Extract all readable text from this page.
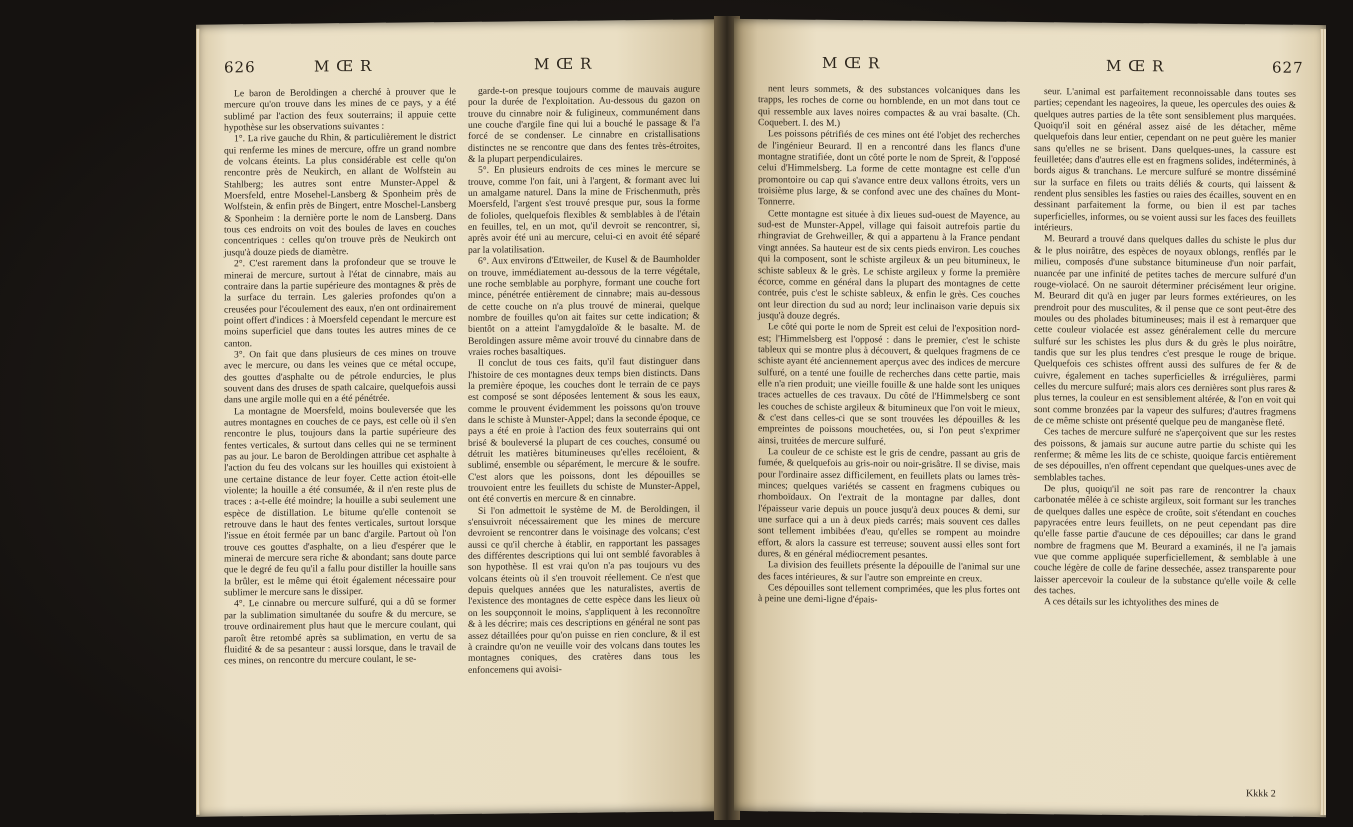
626	M Œ R	M Œ R

Le baron de Beroldingen a cherché à prouver que le mercure qu'on trouve dans les mines de ce pays, y a été sublimé par l'action des feux souterrains; il appuie cette hypothèse sur les observations suivantes :

1°. La rive gauche du Rhin, & particulièrement le district qui renferme les mines de mercure, offre un grand nombre de volcans éteints. La plus considérable est celle qu'on rencontre près de Neukirch, en allant de Wolfstein au Stahlberg; les autres sont entre Munster-Appel & Moersfeld, entre Mosehel-Lansberg & Sponheim près de Wolfstein, & enfin près de Bingert, entre Moschel-Lansberg & Sponheim : la dernière porte le nom de Lansberg. Dans tous ces endroits on voit des boules de laves en couches concentriques : celles qu'on trouve près de Neukirch ont jusqu'à douze pieds de diamètre.

2°. C'est rarement dans la profondeur que se trouve le minerai de mercure, surtout à l'état de cinnabre, mais au contraire dans la partie supérieure des montagnes & près de la surface du terrain. Les galeries profondes qu'on a creusées pour l'écoulement des eaux, n'en ont ordinairement point offert d'indices : à Moersfeld cependant le mercure est moins superficiel que dans toutes les autres mines de ce canton.

3°. On fait que dans plusieurs de ces mines on trouve avec le mercure, ou dans les veines que ce métal occupe, des gouttes d'asphalte ou de pétrole endurcies, le plus souvent dans des druses de spath calcaire, quelquefois aussi dans une argile molle qui en a été pénétrée.

La montagne de Moersfeld, moins bouleversée que les autres montagnes en couches de ce pays, est celle où il s'en rencontre le plus, toujours dans la partie supérieure des fentes verticales, & surtout dans celles qui ne se terminent pas au jour. Le baron de Beroldingen attribue cet asphalte à l'action du feu des volcans sur les houilles qui existoient à une certaine distance de leur foyer. Cette action étoit-elle violente; la houille a été consumée, & il n'en reste plus de traces : a-t-elle été moindre; la houille a subi seulement une espèce de distillation. Le bitume qu'elle contenoit se retrouve dans le haut des fentes verticales, surtout lorsque l'issue en étoit fermée par un banc d'argile. Partout où l'on trouve ces gouttes d'asphalte, on a lieu d'espérer que le minerai de mercure sera riche & abondant; sans doute parce que le degré de feu qu'il a fallu pour distiller la houille sans la brûler, est le même qui étoit également nécessaire pour sublimer le mercure sans le dissiper.

4°. Le cinnabre ou mercure sulfuré, qui a dû se former par la sublimation simultanée du soufre & du mercure, se trouve ordinairement plus haut que le mercure coulant, qui paroît être retombé après sa sublimation, en vertu de sa fluidité & de sa pesanteur : aussi lorsque, dans le travail de ces mines, on rencontre du mercure coulant, le se-

garde-t-on presque toujours comme de mauvais augure pour la durée de l'exploitation. Au-dessous du gazon on trouve du cinnabre noir & fuligineux, communément dans une couche d'argile fine qui lui a bouché le passage & l'a forcé de se condenser. Le cinnabre en cristallisations distinctes ne se rencontre que dans des fentes très-étroites, & la plupart perpendiculaires.

5°. En plusieurs endroits de ces mines le mercure se trouve, comme l'on fait, uni à l'argent, & formant avec lui un amalgame naturel. Dans la mine de Frischenmuth, près Moersfeld, l'argent s'est trouvé presque pur, sous la forme de folioles, quelquefois flexibles & semblables à de l'étain en feuilles, tel, en un mot, qu'il devroit se rencontrer, si, après avoir été uni au mercure, celui-ci en avoit été séparé par la volatilisation.

6°. Aux environs d'Ettweiler, de Kusel & de Baumholder on trouve, immédiatement au-dessous de la terre végétale, une roche semblable au porphyre, formant une couche fort mince, pénétrée entièrement de cinnabre; mais au-dessous de cette couche on n'a plus trouvé de minerai, quelque nombre de fouilles qu'on ait faites sur cette indication; & bientôt on a atteint l'amygdaloïde & le basalte. M. de Beroldingen assure même avoir trouvé du cinnabre dans de vraies roches basaltiques.

Il conclut de tous ces faits, qu'il faut distinguer dans l'histoire de ces montagnes deux temps bien distincts. Dans la première époque, les couches dont le terrain de ce pays est composé se sont déposées lentement & sous les eaux, comme le prouvent évidemment les poissons qu'on trouve dans le schiste à Munster-Appel; dans la seconde époque, ce pays a été en proie à l'action des feux souterrains qui ont brisé & bouleversé la plupart de ces couches, consumé ou détruit les matières bitumineuses qu'elles recéloient, & sublimé, ensemble ou séparément, le mercure & le soufre. C'est alors que les poissons, dont les dépouilles se trouvoient entre les feuillets du schiste de Munster-Appel, ont été convertis en mercure & en cinnabre.

Si l'on admettoit le système de M. de Beroldingen, il s'ensuivroit nécessairement que les mines de mercure devroient se rencontrer dans le voisinage des volcans; c'est aussi ce qu'il cherche à établir, en rapportant les passages des différentes descriptions qui lui ont semblé favorables à son hypothèse. Il est vrai qu'on n'a pas toujours vu des volcans éteints où il s'en trouvoit réellement. Ce n'est que depuis quelques années que les naturalistes, avertis de l'existence des montagnes de cette espèce dans les lieux où on les soupçonnoit le moins, s'appliquent à les reconnoître & à les décrire; mais ces descriptions en général ne sont pas assez détaillées pour qu'on puisse en rien conclure, & il est à craindre qu'on ne veuille voir des volcans dans toutes les montagnes coniques, des cratères dans tous les enfoncemens qui avoisi-

M Œ R	M Œ R	627

nent leurs sommets, & des substances volcaniques dans les trapps, les roches de corne ou hornblende, en un mot dans tout ce qui ressemble aux laves noires compactes & au vrai basalte. (Ch. Coquebert. I. des M.)

Les poissons pétrifiés de ces mines ont été l'objet des recherches de l'ingénieur Beurard. Il en a rencontré dans les flancs d'une montagne stratifiée, dont un côté porte le nom de Spreit, & l'opposé celui d'Himmelsberg. La forme de cette montagne est celle d'un promontoire ou cap qui s'avance entre deux vallons étroits, vers un troisième plus large, & se confond avec une des chaînes du Mont-Tonnerre.

Cette montagne est située à dix lieues sud-ouest de Mayence, au sud-est de Munster-Appel, village qui faisoit autrefois partie du rhingraviat de Grehweiller, & qui a appartenu à la France pendant vingt années. Sa hauteur est de six cents pieds environ. Les couches qui la composent, sont le schiste argileux & un peu bitumineux, le schiste sableux & le grès. Le schiste argileux y forme la première écorce, comme en général dans la plupart des montagnes de cette contrée, puis c'est le schiste sableux, & enfin le grès. Ces couches ont leur direction du sud au nord; leur inclinaison varie depuis six jusqu'à douze degrés.

Le côté qui porte le nom de Spreit est celui de l'exposition nord-est; l'Himmelsberg est l'opposé : dans le premier, c'est le schiste tableux qui se montre plus à découvert, & quelques fragmens de ce schiste ayant été anciennement aperçus avec des indices de mercure sulfuré, on a tenté une fouille de recherches dans cette partie, mais elle n'a rien produit; une vieille fouille & une halde sont les uniques traces actuelles de ces travaux. Du côté de l'Himmelsberg ce sont les couches de schiste argileux & bitumineux que l'on voit le mieux, & c'est dans celles-ci que se sont trouvées les dépouilles & les empreintes de poissons mouchetées, ou, si l'on peut s'exprimer ainsi, truitées de mercure sulfuré.

La couleur de ce schiste est le gris de cendre, passant au gris de fumée, & quelquefois au gris-noir ou noir-grisâtre. Il se divise, mais pour l'ordinaire assez difficilement, en feuillets plats ou lames très-minces; quelques variétés se cassent en fragmens cubiques ou rhomboïdaux. On l'extrait de la montagne par dalles, dont l'épaisseur varie depuis un pouce jusqu'à deux pouces & demi, sur une surface qui a un à deux pieds carrés; mais souvent ces dalles sont tellement imbibées d'eau, qu'elles se rompent au moindre effort, & alors la cassure est terreuse; souvent aussi elles sont fort dures, & en général médiocrement pesantes.

La division des feuillets présente la dépouille de l'animal sur une des faces intérieures, & sur l'autre son empreinte en creux.

Ces dépouilles sont tellement comprimées, que les plus fortes ont à peine une demi-ligne d'épais-

seur. L'animal est parfaitement reconnoissable dans toutes ses parties; cependant les nageoires, la queue, les opercules des ouies & quelques autres parties de la tête sont sensiblement plus marquées. Quoiqu'il soit en général assez aisé de les détacher, même quelquefois dans leur entier, cependant on ne peut guère les manier sans qu'elles ne se brisent. Dans quelques-unes, la cassure est feuilletée; dans d'autres elle est en fragmens solides, indéterminés, à bords aigus & tranchans. Le mercure sulfuré se montre disséminé sur la surface en filets ou traits déliés & courts, qui laissent & rendent plus sensibles les fasties ou raies des écailles, souvent en en dessinant parfaitement la forme, ou bien il est par taches superficielles, informes, ou se voient aussi sur les faces des feuillets intérieurs.

M. Beurard a trouvé dans quelques dalles du schiste le plus dur & le plus noirâtre, des espèces de noyaux oblongs, renflés par le milieu, composés d'une substance bitumineuse d'un noir parfait, nuancée par une infinité de petites taches de mercure sulfuré d'un rouge-violacé. On ne sauroit déterminer précisément leur origine. M. Beurard dit qu'à en juger par leurs formes extérieures, on les prendroit pour des musculites, & il pense que ce sont peut-être des moules ou des pholades bitumineuses; mais il est à remarquer que cette couleur violacée est assez généralement celle du mercure sulfuré sur les schistes les plus durs & du grès le plus noirâtre, tandis que sur les plus tendres c'est presque le rouge de brique. Quelquefois ces schistes offrent aussi des sulfures de fer & de cuivre, également en taches superficielles & irrégulières, parmi celles du mercure sulfuré; mais alors ces dernières sont plus rares & plus ternes, la couleur en est sensiblement altérée, & l'on en voit qui sont comme bronzées par la vapeur des sulfures; d'autres fragmens de ce même schiste ont présenté quelque peu de manganèse fleté.

Ces taches de mercure sulfuré ne s'aperçoivent que sur les restes des poissons, & jamais sur aucune autre partie du schiste qui les renferme; & même les lits de ce schiste, quoique farcis entièrement de ses dépouilles, n'en offrent cependant que quelques-unes avec de semblables taches.

De plus, quoiqu'il ne soit pas rare de rencontrer la chaux carbonatée mêlée à ce schiste argileux, soit formant sur les tranches de quelques dalles une espèce de croûte, soit s'étendant en couches papyracées entre leurs feuillets, on ne peut cependant pas dire qu'elle fasse partie d'aucune de ces dépouilles; car dans le grand nombre de fragmens que M. Beurard a examinés, il ne l'a jamais vue que comme appliquée superficiellement, & semblable à une couche légère de colle de farine dessechée, assez transparente pour laisser apercevoir la couleur de la substance qu'elle voile & celle des taches.

A ces détails sur les ichtyolithes des mines de

Kkkk 2
